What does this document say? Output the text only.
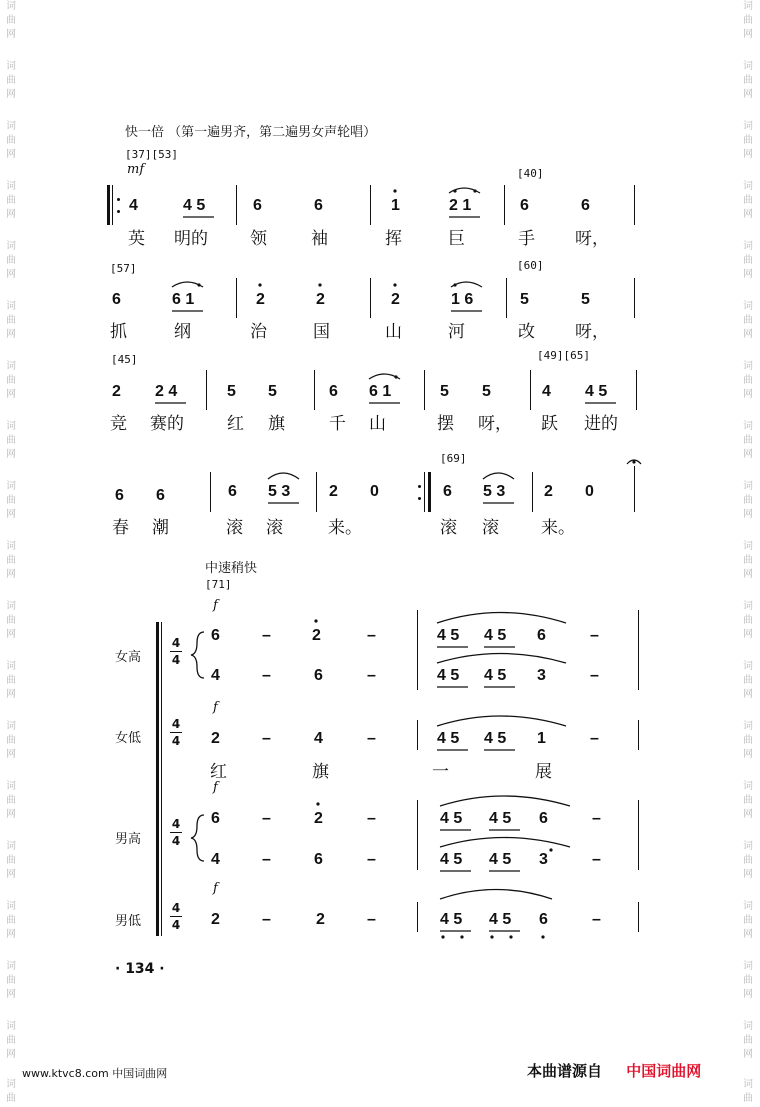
词
曲
网
词
曲
网
词
曲
网
词
曲
网
词
曲
网
词
曲
网
词
曲
网
词
曲
网
词
曲
网
词
曲
网
词
曲
网
词
曲
网
词
曲
网
词
曲
网
词
曲
网
词
曲
网
词
曲
网
词
曲
网
词
曲
词
曲
网
词
曲
网
词
曲
网
词
曲
网
词
曲
网
词
曲
网
词
曲
网
词
曲
网
词
曲
网
词
曲
网
词
曲
网
词
曲
网
词
曲
网
词
曲
网
词
曲
网
词
曲
网
词
曲
网
词
曲
网
词
曲
快一倍 （第一遍男齐，第二遍男女声轮唱）
[37][53]
mf	[40]
4	4 5	6	6	1	2 1	6	6
英 明的 领	袖	挥	巨	手 呀，
[57]	[60]
6	6 1	2	2	2	1 6	5	5
抓	纲	治	国	山	河	改 呀，
[45]	[49][65]
2 2 4	5 5	6 6 1	5 5	4 4 5
竞 赛的	红 旗	千 山	摆 呀， 跃 进的
[69]
6 6	6 5 3 2 0	6 5 3 2 0
春 潮	滚 滚	来。	滚 滚 来。
中速稍快
[71]
女高
女低
男高
男低
4
4
4
4
4
4
4
4
f
f
f
f
6	–	2	–	4 5 4 5 6	–
4	–	6	–	4 5 4 5 3	–
2	–	4	–	4 5 4 5 1	–
红	旗	一	展
6	–	2	–	4 5 4 5 6	–
4	–	6	–	4 5 4 5 3	–
2	–	2	–	4 5 4 5 6	–
· 134 ·
www.ktvc8.com 中国词曲网	本曲谱源自 中国词曲网
